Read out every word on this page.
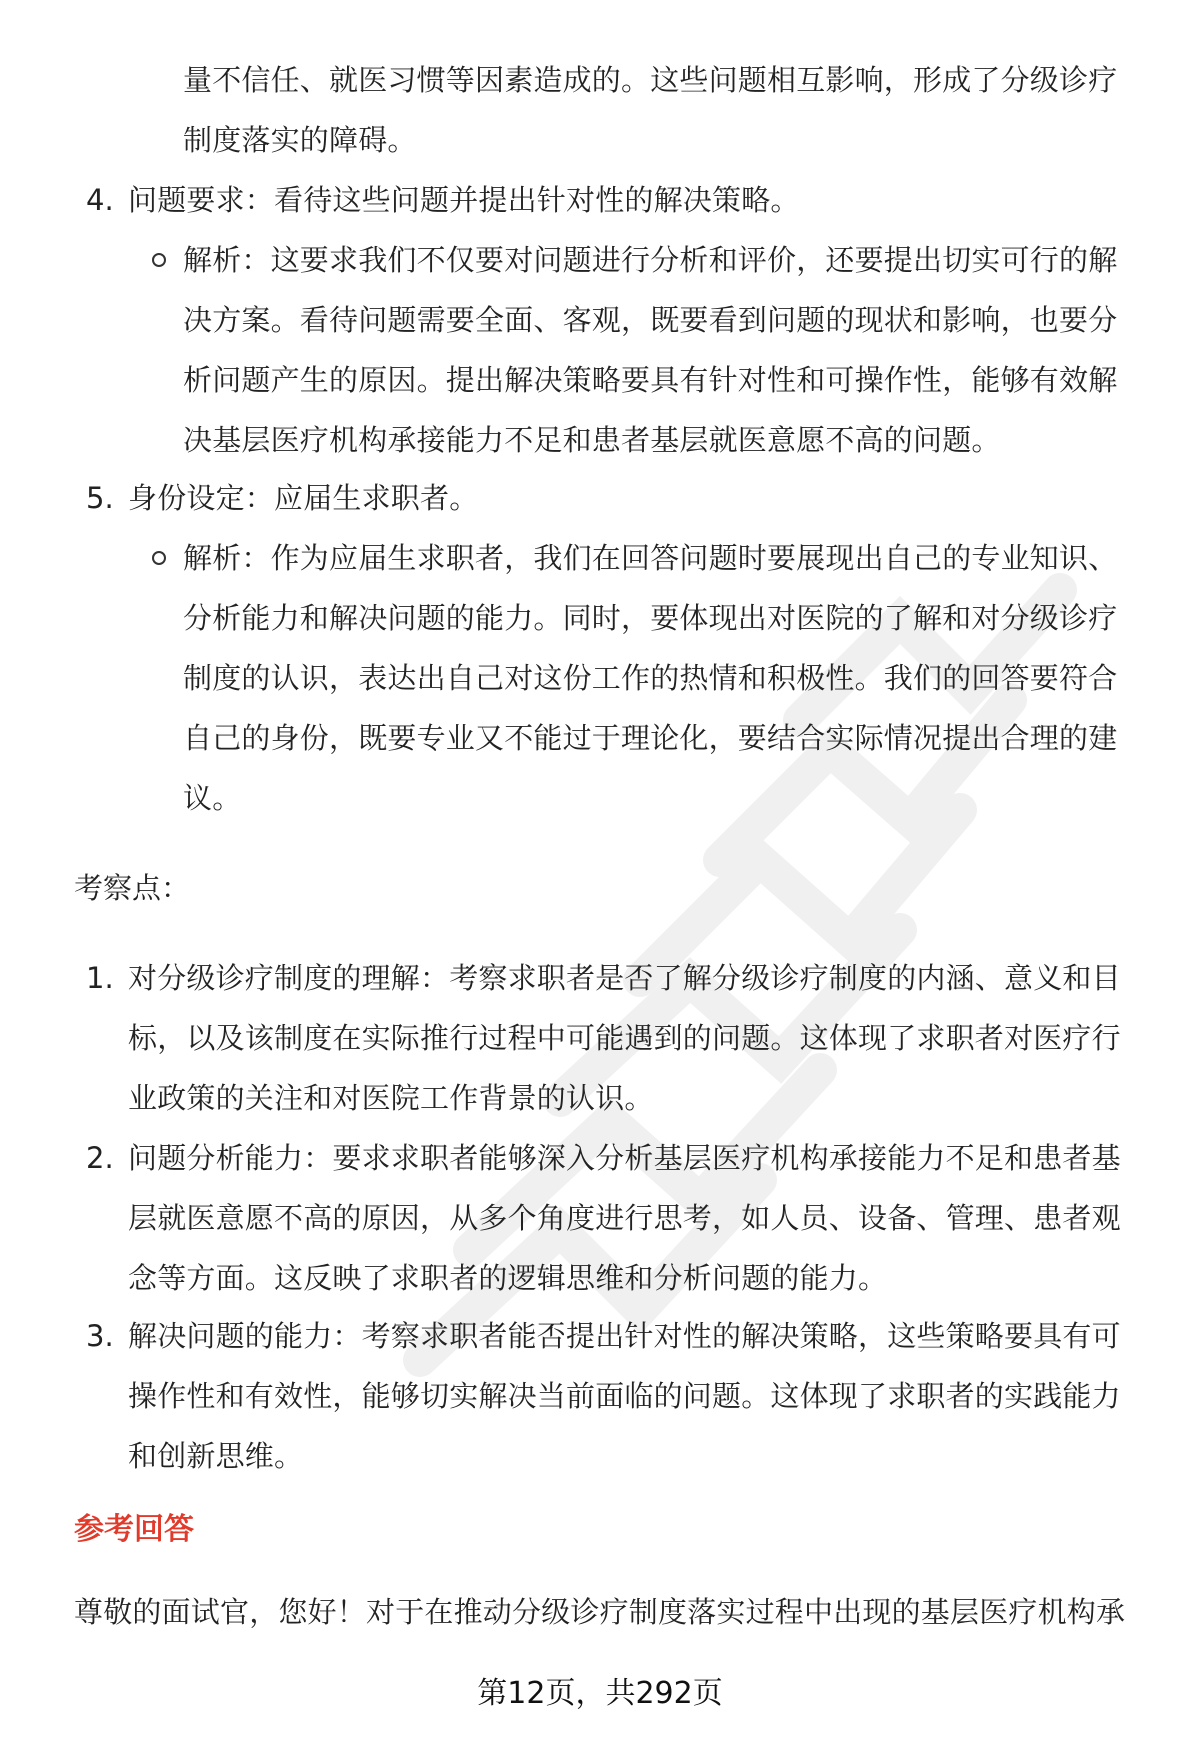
量不信任、就医习惯等因素造成的。这些问题相互影响，形成了分级诊疗
制度落实的障碍。
4. 问题要求：看待这些问题并提出针对性的解决策略。
解析：这要求我们不仅要对问题进行分析和评价，还要提出切实可行的解
决方案。看待问题需要全面、客观，既要看到问题的现状和影响，也要分
析问题产生的原因。提出解决策略要具有针对性和可操作性，能够有效解
决基层医疗机构承接能力不足和患者基层就医意愿不高的问题。
5. 身份设定：应届生求职者。
解析：作为应届生求职者，我们在回答问题时要展现出自己的专业知识、
分析能力和解决问题的能力。同时，要体现出对医院的了解和对分级诊疗
制度的认识，表达出自己对这份工作的热情和积极性。我们的回答要符合
自己的身份，既要专业又不能过于理论化，要结合实际情况提出合理的建
议。
考察点：
1. 对分级诊疗制度的理解：考察求职者是否了解分级诊疗制度的内涵、意义和目
标，以及该制度在实际推行过程中可能遇到的问题。这体现了求职者对医疗行
业政策的关注和对医院工作背景的认识。
2. 问题分析能力：要求求职者能够深入分析基层医疗机构承接能力不足和患者基
层就医意愿不高的原因，从多个角度进行思考，如人员、设备、管理、患者观
念等方面。这反映了求职者的逻辑思维和分析问题的能力。
3. 解决问题的能力：考察求职者能否提出针对性的解决策略，这些策略要具有可
操作性和有效性，能够切实解决当前面临的问题。这体现了求职者的实践能力
和创新思维。
参考回答
尊敬的面试官，您好！对于在推动分级诊疗制度落实过程中出现的基层医疗机构承
第12页，共292页
